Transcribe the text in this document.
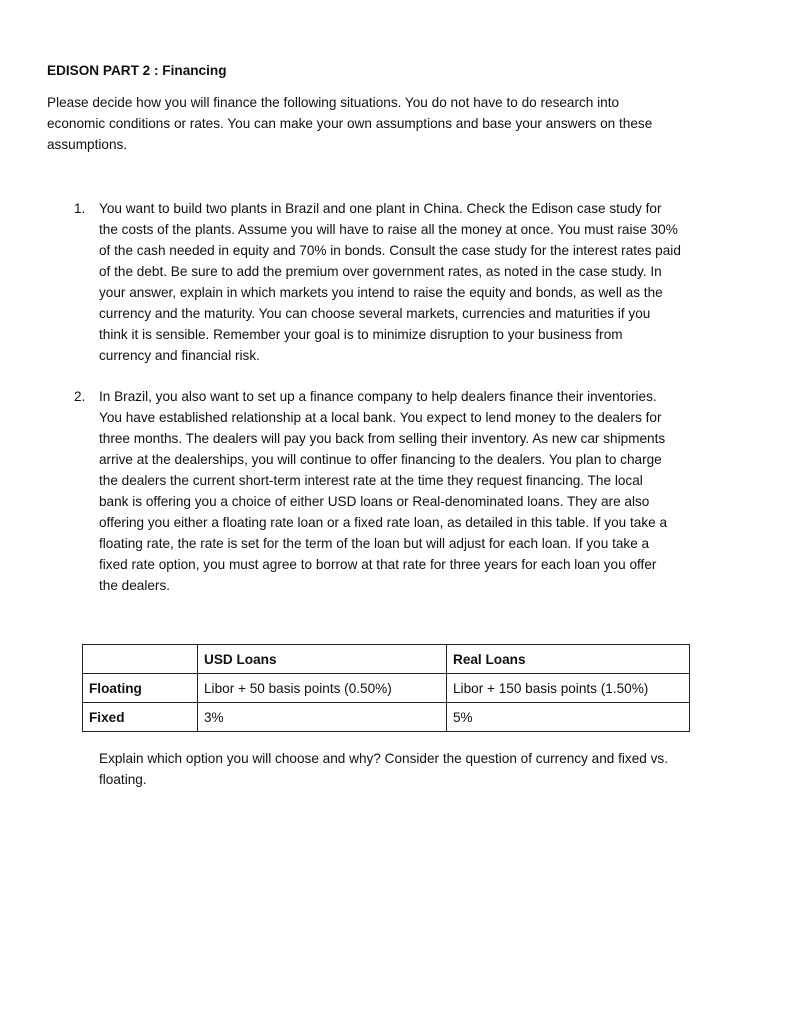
EDISON PART 2 : Financing
Please decide how you will finance the following situations. You do not have to do research into
economic conditions or rates. You can make your own assumptions and base your answers on these
assumptions.
1. You want to build two plants in Brazil and one plant in China. Check the Edison case study for
the costs of the plants. Assume you will have to raise all the money at once. You must raise 30%
of the cash needed in equity and 70% in bonds. Consult the case study for the interest rates paid
of the debt. Be sure to add the premium over government rates, as noted in the case study. In
your answer, explain in which markets you intend to raise the equity and bonds, as well as the
currency and the maturity. You can choose several markets, currencies and maturities if you
think it is sensible. Remember your goal is to minimize disruption to your business from
currency and financial risk.
2. In Brazil, you also want to set up a finance company to help dealers finance their inventories.
You have established relationship at a local bank. You expect to lend money to the dealers for
three months. The dealers will pay you back from selling their inventory. As new car shipments
arrive at the dealerships, you will continue to offer financing to the dealers. You plan to charge
the dealers the current short-term interest rate at the time they request financing. The local
bank is offering you a choice of either USD loans or Real-denominated loans. They are also
offering you either a floating rate loan or a fixed rate loan, as detailed in this table. If you take a
floating rate, the rate is set for the term of the loan but will adjust for each loan. If you take a
fixed rate option, you must agree to borrow at that rate for three years for each loan you offer
the dealers.
	USD Loans	Real Loans
Floating	Libor + 50 basis points (0.50%)	Libor + 150 basis points (1.50%)
Fixed	3%	5%
Explain which option you will choose and why? Consider the question of currency and fixed vs.
floating.
